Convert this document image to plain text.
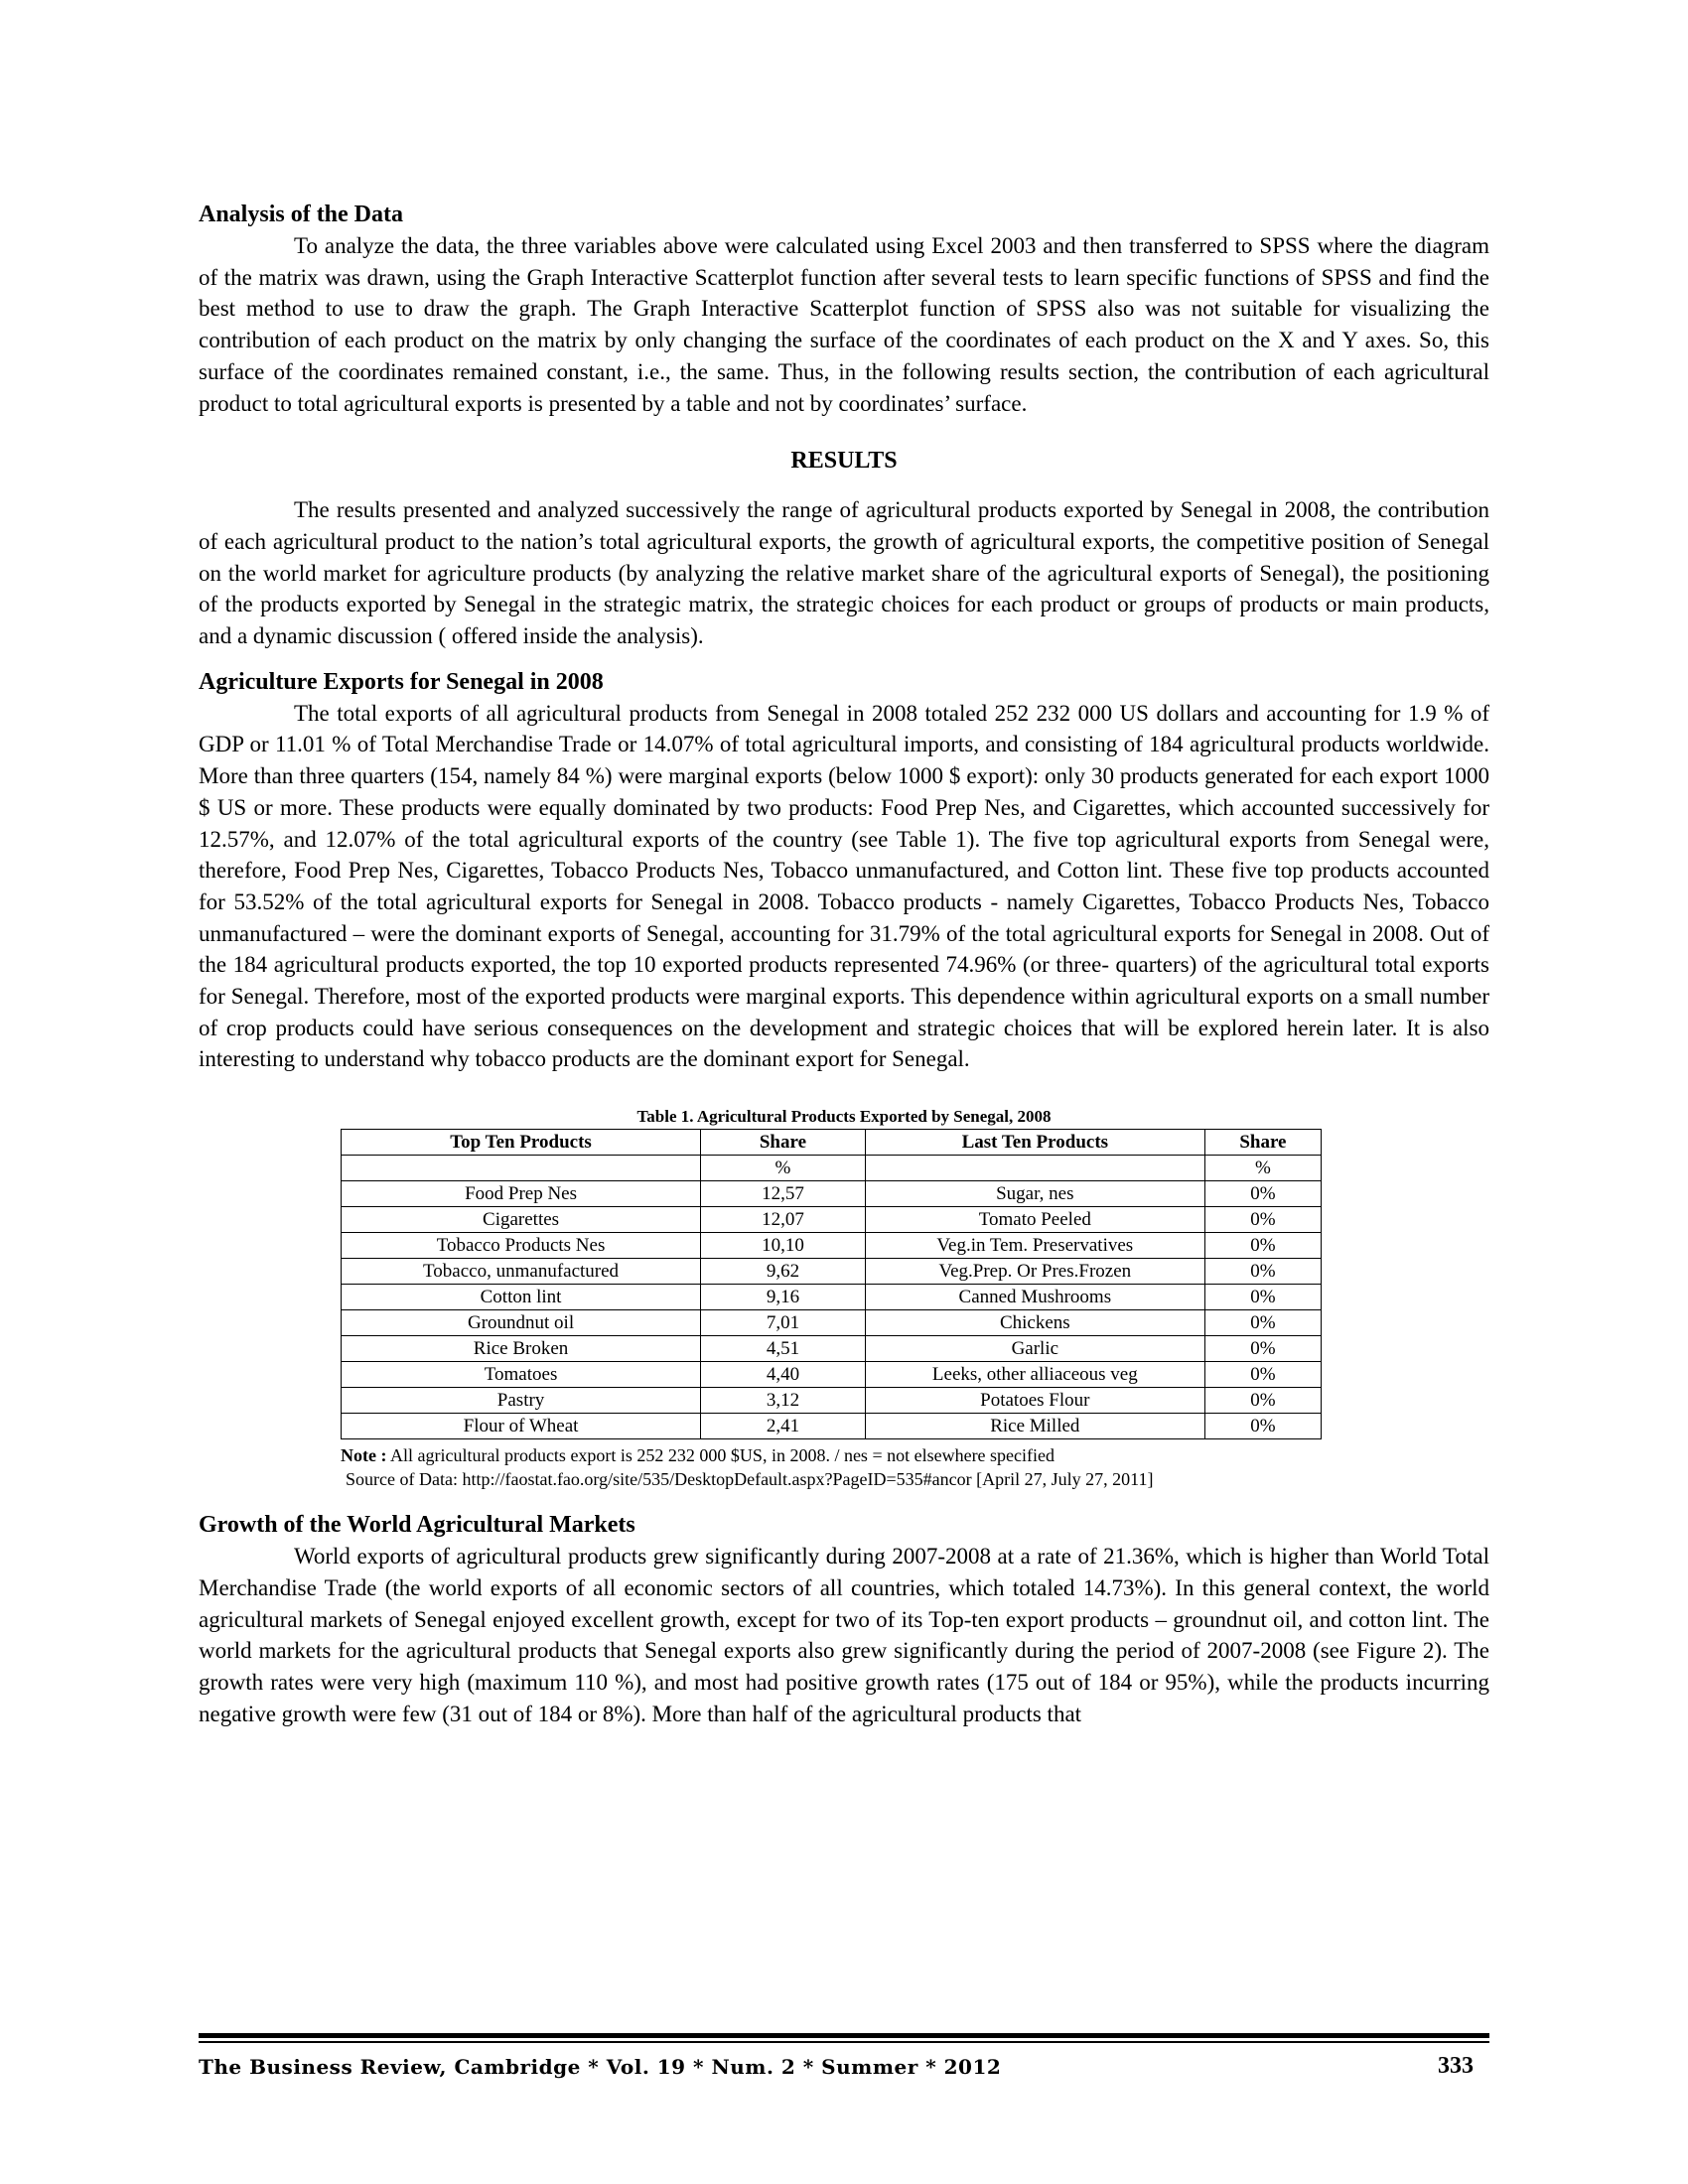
Analysis of the Data

To analyze the data, the three variables above were calculated using Excel 2003 and then transferred to SPSS where the diagram of the matrix was drawn, using the Graph Interactive Scatterplot function after several tests to learn specific functions of SPSS and find the best method to use to draw the graph. The Graph Interactive Scatterplot function of SPSS also was not suitable for visualizing the contribution of each product on the matrix by only changing the surface of the coordinates of each product on the X and Y axes. So, this surface of the coordinates remained constant, i.e., the same. Thus, in the following results section, the contribution of each agricultural product to total agricultural exports is presented by a table and not by coordinates’ surface.

RESULTS

The results presented and analyzed successively the range of agricultural products exported by Senegal in 2008, the contribution of each agricultural product to the nation’s total agricultural exports, the growth of agricultural exports, the competitive position of Senegal on the world market for agriculture products (by analyzing the relative market share of the agricultural exports of Senegal), the positioning of the products exported by Senegal in the strategic matrix, the strategic choices for each product or groups of products or main products, and a dynamic discussion ( offered inside the analysis).

Agriculture Exports for Senegal in 2008

The total exports of all agricultural products from Senegal in 2008 totaled 252 232 000 US dollars and accounting for 1.9 % of GDP or 11.01 % of Total Merchandise Trade or 14.07% of total agricultural imports, and consisting of 184 agricultural products worldwide. More than three quarters (154, namely 84 %) were marginal exports (below 1000 $ export): only 30 products generated for each export 1000 $ US or more. These products were equally dominated by two products: Food Prep Nes, and Cigarettes, which accounted successively for 12.57%, and 12.07% of the total agricultural exports of the country (see Table 1). The five top agricultural exports from Senegal were, therefore, Food Prep Nes, Cigarettes, Tobacco Products Nes, Tobacco unmanufactured, and Cotton lint. These five top products accounted for 53.52% of the total agricultural exports for Senegal in 2008. Tobacco products - namely Cigarettes, Tobacco Products Nes, Tobacco unmanufactured – were the dominant exports of Senegal, accounting for 31.79% of the total agricultural exports for Senegal in 2008. Out of the 184 agricultural products exported, the top 10 exported products represented 74.96% (or three- quarters) of the agricultural total exports for Senegal. Therefore, most of the exported products were marginal exports. This dependence within agricultural exports on a small number of crop products could have serious consequences on the development and strategic choices that will be explored herein later. It is also interesting to understand why tobacco products are the dominant export for Senegal.

Table 1. Agricultural Products Exported by Senegal, 2008
Top Ten Products	Share	Last Ten Products	Share
	%		%
Food Prep Nes	12,57	Sugar, nes	0%
Cigarettes	12,07	Tomato Peeled	0%
Tobacco Products Nes	10,10	Veg.in Tem. Preservatives	0%
Tobacco, unmanufactured	9,62	Veg.Prep. Or Pres.Frozen	0%
Cotton lint	9,16	Canned Mushrooms	0%
Groundnut oil	7,01	Chickens	0%
Rice Broken	4,51	Garlic	0%
Tomatoes	4,40	Leeks, other alliaceous veg	0%
Pastry	3,12	Potatoes Flour	0%
Flour of Wheat	2,41	Rice Milled	0%
Note : All agricultural products export is 252 232 000 $US, in 2008. / nes = not elsewhere specified
Source of Data: http://faostat.fao.org/site/535/DesktopDefault.aspx?PageID=535#ancor [April 27, July 27, 2011]
Growth of the World Agricultural Markets

World exports of agricultural products grew significantly during 2007-2008 at a rate of 21.36%, which is higher than World Total Merchandise Trade (the world exports of all economic sectors of all countries, which totaled 14.73%). In this general context, the world agricultural markets of Senegal enjoyed excellent growth, except for two of its Top-ten export products – groundnut oil, and cotton lint. The world markets for the agricultural products that Senegal exports also grew significantly during the period of 2007-2008 (see Figure 2). The growth rates were very high (maximum 110 %), and most had positive growth rates (175 out of 184 or 95%), while the products incurring negative growth were few (31 out of 184 or 8%). More than half of the agricultural products that

The Business Review, Cambridge * Vol. 19 * Num. 2 * Summer * 2012	333
